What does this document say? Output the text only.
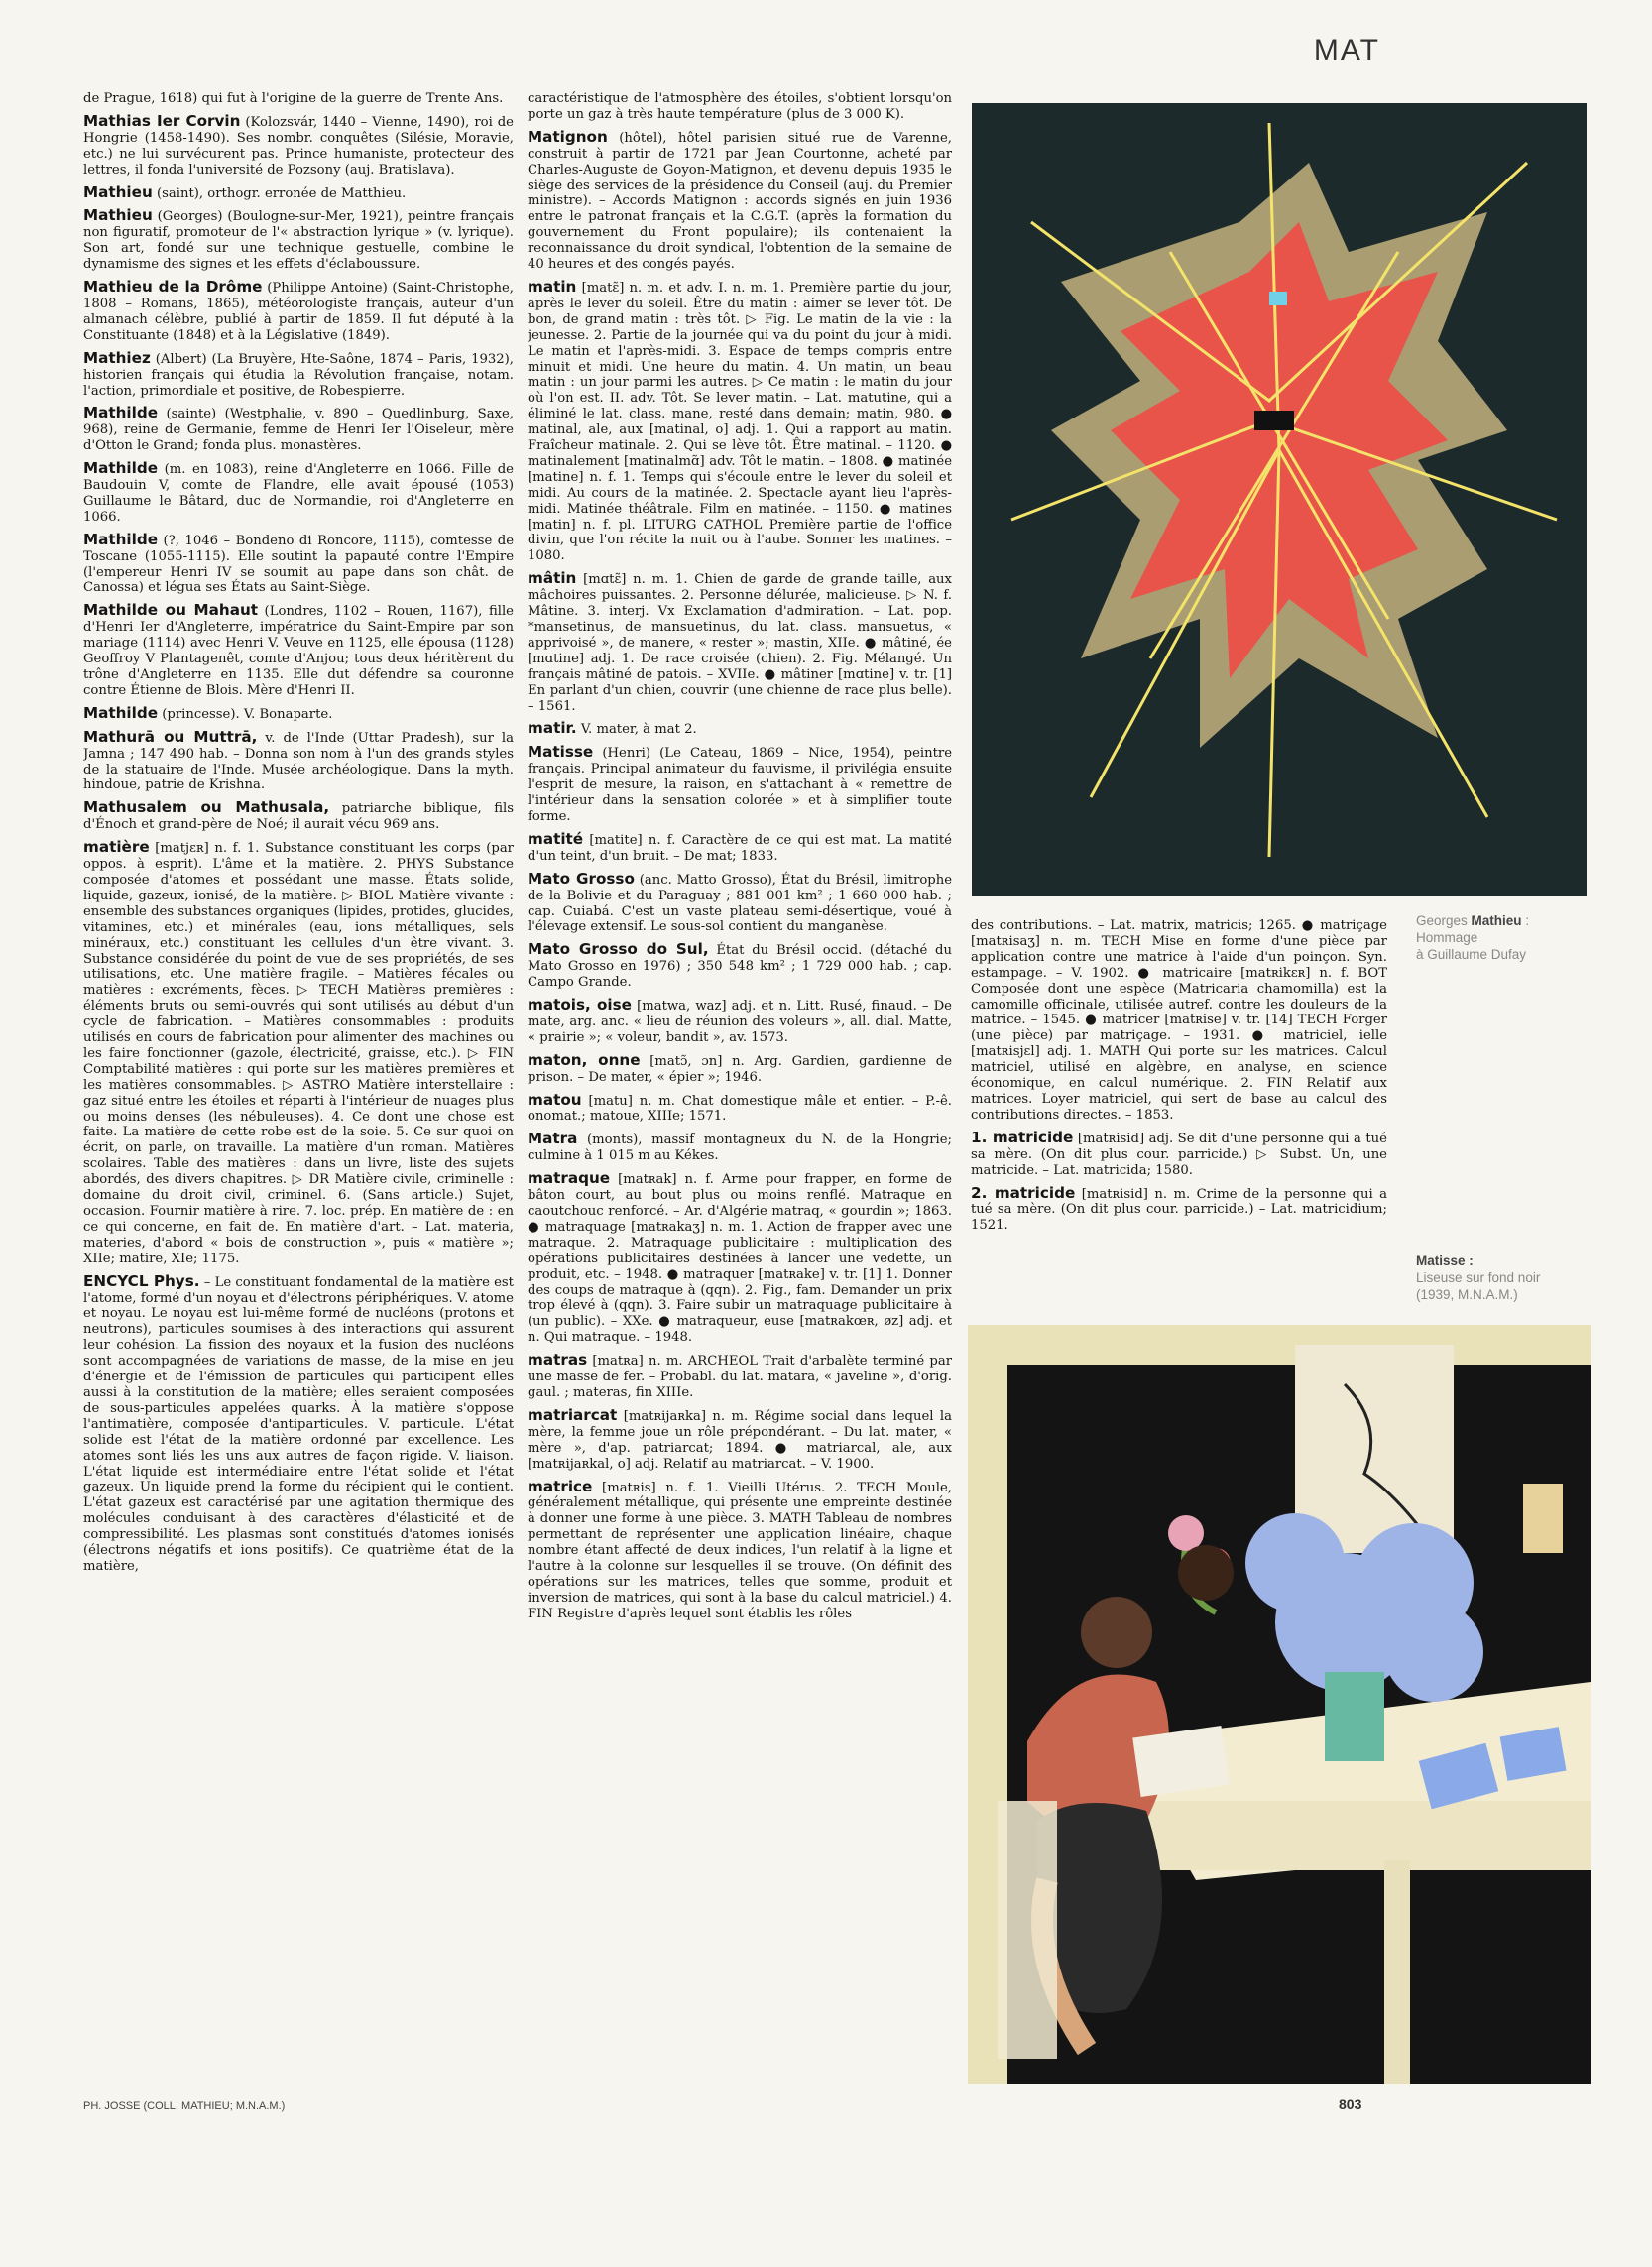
MAT

de Prague, 1618) qui fut à l'origine de la guerre de Trente Ans.

Mathias Ier Corvin (Kolozsvár, 1440 – Vienne, 1490), roi de Hongrie (1458-1490). Ses nombr. conquêtes (Silésie, Moravie, etc.) ne lui survécurent pas. Prince humaniste, protecteur des lettres, il fonda l'université de Pozsony (auj. Bratislava).

Mathieu (saint), orthogr. erronée de Matthieu.

Mathieu (Georges) (Boulogne-sur-Mer, 1921), peintre français non figuratif, promoteur de l'« abstraction lyrique » (v. lyrique). Son art, fondé sur une technique gestuelle, combine le dynamisme des signes et les effets d'éclaboussure.

Mathieu de la Drôme (Philippe Antoine) (Saint-Christophe, 1808 – Romans, 1865), météorologiste français, auteur d'un almanach célèbre, publié à partir de 1859. Il fut député à la Constituante (1848) et à la Législative (1849).

Mathiez (Albert) (La Bruyère, Hte-Saône, 1874 – Paris, 1932), historien français qui étudia la Révolution française, notam. l'action, primordiale et positive, de Robespierre.

Mathilde (sainte) (Westphalie, v. 890 – Quedlinburg, Saxe, 968), reine de Germanie, femme de Henri Ier l'Oiseleur, mère d'Otton le Grand; fonda plus. monastères.

Mathilde (m. en 1083), reine d'Angleterre en 1066. Fille de Baudouin V, comte de Flandre, elle avait épousé (1053) Guillaume le Bâtard, duc de Normandie, roi d'Angleterre en 1066.

Mathilde (?, 1046 – Bondeno di Roncore, 1115), comtesse de Toscane (1055-1115). Elle soutint la papauté contre l'Empire (l'empereur Henri IV se soumit au pape dans son chât. de Canossa) et légua ses États au Saint-Siège.

Mathilde ou Mahaut (Londres, 1102 – Rouen, 1167), fille d'Henri Ier d'Angleterre, impératrice du Saint-Empire par son mariage (1114) avec Henri V. Veuve en 1125, elle épousa (1128) Geoffroy V Plantagenêt, comte d'Anjou; tous deux héritèrent du trône d'Angleterre en 1135. Elle dut défendre sa couronne contre Étienne de Blois. Mère d'Henri II.

Mathilde (princesse). V. Bonaparte.

Mathurā ou Muttrā, v. de l'Inde (Uttar Pradesh), sur la Jamna ; 147 490 hab. – Donna son nom à l'un des grands styles de la statuaire de l'Inde. Musée archéologique. Dans la myth. hindoue, patrie de Krishna.

Mathusalem ou Mathusala, patriarche biblique, fils d'Énoch et grand-père de Noé; il aurait vécu 969 ans.

matière [matjɛʀ] n. f. 1. Substance constituant les corps (par oppos. à esprit). L'âme et la matière. 2. PHYS Substance composée d'atomes et possédant une masse. États solide, liquide, gazeux, ionisé, de la matière. ▷ BIOL Matière vivante : ensemble des substances organiques (lipides, protides, glucides, vitamines, etc.) et minérales (eau, ions métalliques, sels minéraux, etc.) constituant les cellules d'un être vivant. 3. Substance considérée du point de vue de ses propriétés, de ses utilisations, etc. Une matière fragile. – Matières fécales ou matières : excréments, fèces. ▷ TECH Matières premières : éléments bruts ou semi-ouvrés qui sont utilisés au début d'un cycle de fabrication. – Matières consommables : produits utilisés en cours de fabrication pour alimenter des machines ou les faire fonctionner (gazole, électricité, graisse, etc.). ▷ FIN Comptabilité matières : qui porte sur les matières premières et les matières consommables. ▷ ASTRO Matière interstellaire : gaz situé entre les étoiles et réparti à l'intérieur de nuages plus ou moins denses (les nébuleuses). 4. Ce dont une chose est faite. La matière de cette robe est de la soie. 5. Ce sur quoi on écrit, on parle, on travaille. La matière d'un roman. Matières scolaires. Table des matières : dans un livre, liste des sujets abordés, des divers chapitres. ▷ DR Matière civile, criminelle : domaine du droit civil, criminel. 6. (Sans article.) Sujet, occasion. Fournir matière à rire. 7. loc. prép. En matière de : en ce qui concerne, en fait de. En matière d'art. – Lat. materia, materies, d'abord « bois de construction », puis « matière »; XIIe; matire, XIe; 1175.

ENCYCL Phys. – Le constituant fondamental de la matière est l'atome, formé d'un noyau et d'électrons périphériques. V. atome et noyau. Le noyau est lui-même formé de nucléons (protons et neutrons), particules soumises à des interactions qui assurent leur cohésion. La fission des noyaux et la fusion des nucléons sont accompagnées de variations de masse, de la mise en jeu d'énergie et de l'émission de particules qui participent elles aussi à la constitution de la matière; elles seraient composées de sous-particules appelées quarks. À la matière s'oppose l'antimatière, composée d'antiparticules. V. particule. L'état solide est l'état de la matière ordonné par excellence. Les atomes sont liés les uns aux autres de façon rigide. V. liaison. L'état liquide est intermédiaire entre l'état solide et l'état gazeux. Un liquide prend la forme du récipient qui le contient. L'état gazeux est caractérisé par une agitation thermique des molécules conduisant à des caractères d'élasticité et de compressibilité. Les plasmas sont constitués d'atomes ionisés (électrons négatifs et ions positifs). Ce quatrième état de la matière,

caractéristique de l'atmosphère des étoiles, s'obtient lorsqu'on porte un gaz à très haute température (plus de 3 000 K).

Matignon (hôtel), hôtel parisien situé rue de Varenne, construit à partir de 1721 par Jean Courtonne, acheté par Charles-Auguste de Goyon-Matignon, et devenu depuis 1935 le siège des services de la présidence du Conseil (auj. du Premier ministre). – Accords Matignon : accords signés en juin 1936 entre le patronat français et la C.G.T. (après la formation du gouvernement du Front populaire); ils contenaient la reconnaissance du droit syndical, l'obtention de la semaine de 40 heures et des congés payés.

matin [matɛ̃] n. m. et adv. I. n. m. 1. Première partie du jour, après le lever du soleil. Être du matin : aimer se lever tôt. De bon, de grand matin : très tôt. ▷ Fig. Le matin de la vie : la jeunesse. 2. Partie de la journée qui va du point du jour à midi. Le matin et l'après-midi. 3. Espace de temps compris entre minuit et midi. Une heure du matin. 4. Un matin, un beau matin : un jour parmi les autres. ▷ Ce matin : le matin du jour où l'on est. II. adv. Tôt. Se lever matin. – Lat. matutine, qui a éliminé le lat. class. mane, resté dans demain; matin, 980. ● matinal, ale, aux [matinal, o] adj. 1. Qui a rapport au matin. Fraîcheur matinale. 2. Qui se lève tôt. Être matinal. – 1120. ● matinalement [matinalmɑ̃] adv. Tôt le matin. – 1808. ● matinée [matine] n. f. 1. Temps qui s'écoule entre le lever du soleil et midi. Au cours de la matinée. 2. Spectacle ayant lieu l'après-midi. Matinée théâtrale. Film en matinée. – 1150. ● matines [matin] n. f. pl. LITURG CATHOL Première partie de l'office divin, que l'on récite la nuit ou à l'aube. Sonner les matines. – 1080.

mâtin [mɑtɛ̃] n. m. 1. Chien de garde de grande taille, aux mâchoires puissantes. 2. Personne délurée, malicieuse. ▷ N. f. Mâtine. 3. interj. Vx Exclamation d'admiration. – Lat. pop. *mansetinus, de mansuetinus, du lat. class. mansuetus, « apprivoisé », de manere, « rester »; mastin, XIIe. ● mâtiné, ée [mɑtine] adj. 1. De race croisée (chien). 2. Fig. Mélangé. Un français mâtiné de patois. – XVIIe. ● mâtiner [mɑtine] v. tr. [1] En parlant d'un chien, couvrir (une chienne de race plus belle). – 1561.

matir. V. mater, à mat 2.

Matisse (Henri) (Le Cateau, 1869 – Nice, 1954), peintre français. Principal animateur du fauvisme, il privilégia ensuite l'esprit de mesure, la raison, en s'attachant à « remettre de l'intérieur dans la sensation colorée » et à simplifier toute forme.

matité [matite] n. f. Caractère de ce qui est mat. La matité d'un teint, d'un bruit. – De mat; 1833.

Mato Grosso (anc. Matto Grosso), État du Brésil, limitrophe de la Bolivie et du Paraguay ; 881 001 km² ; 1 660 000 hab. ; cap. Cuiabá. C'est un vaste plateau semi-désertique, voué à l'élevage extensif. Le sous-sol contient du manganèse.

Mato Grosso do Sul, État du Brésil occid. (détaché du Mato Grosso en 1976) ; 350 548 km² ; 1 729 000 hab. ; cap. Campo Grande.

matois, oise [matwa, waz] adj. et n. Litt. Rusé, finaud. – De mate, arg. anc. « lieu de réunion des voleurs », all. dial. Matte, « prairie »; « voleur, bandit », av. 1573.

maton, onne [matɔ̃, ɔn] n. Arg. Gardien, gardienne de prison. – De mater, « épier »; 1946.

matou [matu] n. m. Chat domestique mâle et entier. – P.-ê. onomat.; matoue, XIIIe; 1571.

Matra (monts), massif montagneux du N. de la Hongrie; culmine à 1 015 m au Kékes.

matraque [matʀak] n. f. Arme pour frapper, en forme de bâton court, au bout plus ou moins renflé. Matraque en caoutchouc renforcé. – Ar. d'Algérie matraq, « gourdin »; 1863. ● matraquage [matʀakaʒ] n. m. 1. Action de frapper avec une matraque. 2. Matraquage publicitaire : multiplication des opérations publicitaires destinées à lancer une vedette, un produit, etc. – 1948. ● matraquer [matʀake] v. tr. [1] 1. Donner des coups de matraque à (qqn). 2. Fig., fam. Demander un prix trop élevé à (qqn). 3. Faire subir un matraquage publicitaire à (un public). – XXe. ● matraqueur, euse [matʀakœʀ, øz] adj. et n. Qui matraque. – 1948.

matras [matʀa] n. m. ARCHEOL Trait d'arbalète terminé par une masse de fer. – Probabl. du lat. matara, « javeline », d'orig. gaul. ; materas, fin XIIIe.

matriarcat [matʀijaʀka] n. m. Régime social dans lequel la mère, la femme joue un rôle prépondérant. – Du lat. mater, « mère », d'ap. patriarcat; 1894. ● matriarcal, ale, aux [matʀijaʀkal, o] adj. Relatif au matriarcat. – V. 1900.

matrice [matʀis] n. f. 1. Vieilli Utérus. 2. TECH Moule, généralement métallique, qui présente une empreinte destinée à donner une forme à une pièce. 3. MATH Tableau de nombres permettant de représenter une application linéaire, chaque nombre étant affecté de deux indices, l'un relatif à la ligne et l'autre à la colonne sur lesquelles il se trouve. (On définit des opérations sur les matrices, telles que somme, produit et inversion de matrices, qui sont à la base du calcul matriciel.) 4. FIN Registre d'après lequel sont établis les rôles

Georges Mathieu :
Hommage
à Guillaume Dufay

des contributions. – Lat. matrix, matricis; 1265. ● matriçage [matʀisaʒ] n. m. TECH Mise en forme d'une pièce par application contre une matrice à l'aide d'un poinçon. Syn. estampage. – V. 1902. ● matricaire [matʀikɛʀ] n. f. BOT Composée dont une espèce (Matricaria chamomilla) est la camomille officinale, utilisée autref. contre les douleurs de la matrice. – 1545. ● matricer [matʀise] v. tr. [14] TECH Forger (une pièce) par matriçage. – 1931. ● matriciel, ielle [matʀisjɛl] adj. 1. MATH Qui porte sur les matrices. Calcul matriciel, utilisé en algèbre, en analyse, en science économique, en calcul numérique. 2. FIN Relatif aux matrices. Loyer matriciel, qui sert de base au calcul des contributions directes. – 1853.

1. matricide [matʀisid] adj. Se dit d'une personne qui a tué sa mère. (On dit plus cour. parricide.) ▷ Subst. Un, une matricide. – Lat. matricida; 1580.

2. matricide [matʀisid] n. m. Crime de la personne qui a tué sa mère. (On dit plus cour. parricide.) – Lat. matricidium; 1521.

Matisse :
Liseuse sur fond noir
(1939, M.N.A.M.)
PH. JOSSE (COLL. MATHIEU; M.N.A.M.)	803
